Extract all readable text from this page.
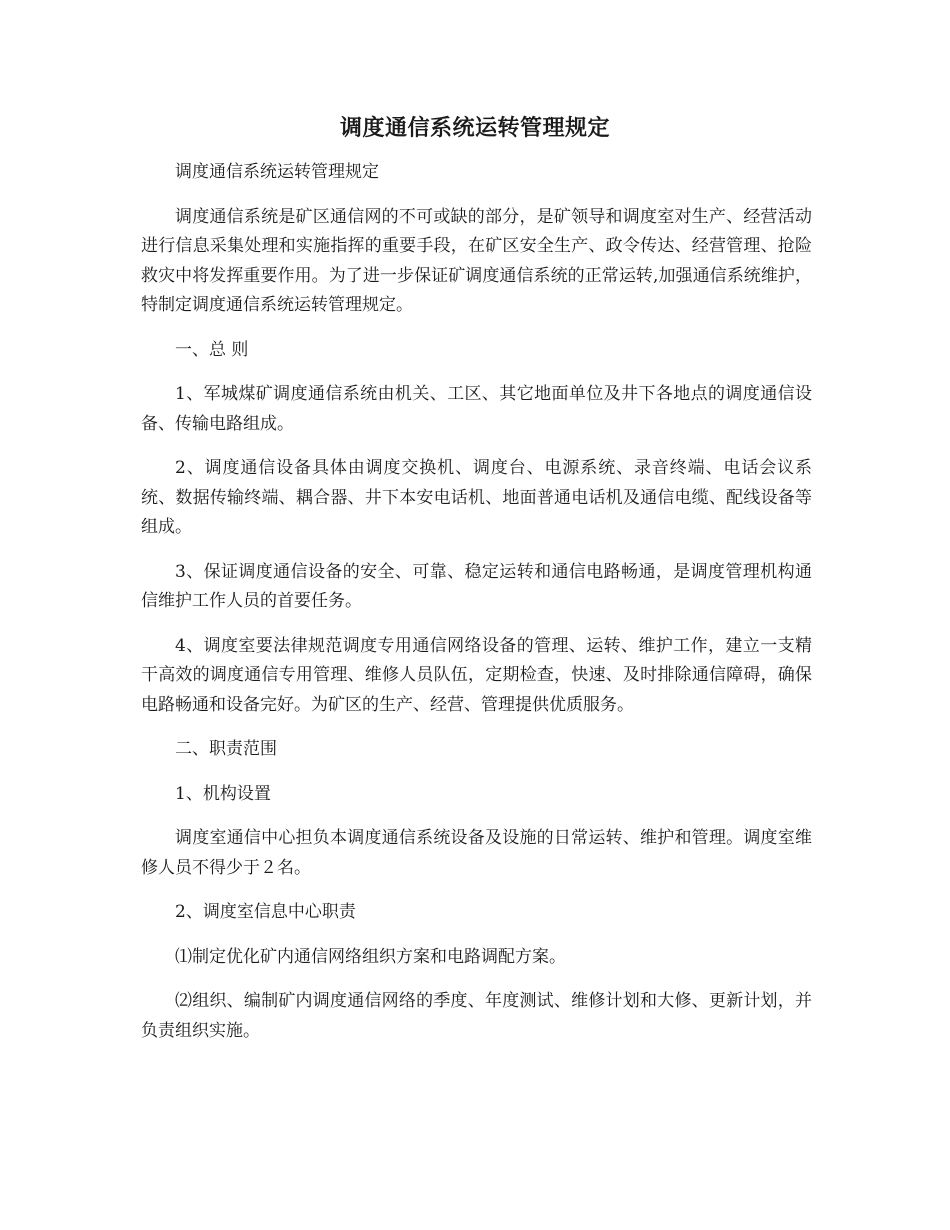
调度通信系统运转管理规定

调度通信系统运转管理规定

调度通信系统是矿区通信网的不可或缺的部分，是矿领导和调度室对生产、经营活动进行信息采集处理和实施指挥的重要手段，在矿区安全生产、政令传达、经营管理、抢险救灾中将发挥重要作用。为了进一步保证矿调度通信系统的正常运转,加强通信系统维护，特制定调度通信系统运转管理规定。

一、总 则

1、军城煤矿调度通信系统由机关、工区、其它地面单位及井下各地点的调度通信设备、传输电路组成。

2、调度通信设备具体由调度交换机、调度台、电源系统、录音终端、电话会议系统、数据传输终端、耦合器、井下本安电话机、地面普通电话机及通信电缆、配线设备等组成。

3、保证调度通信设备的安全、可靠、稳定运转和通信电路畅通，是调度管理机构通信维护工作人员的首要任务。

4、调度室要法律规范调度专用通信网络设备的管理、运转、维护工作，建立一支精干高效的调度通信专用管理、维修人员队伍，定期检查，快速、及时排除通信障碍，确保电路畅通和设备完好。为矿区的生产、经营、管理提供优质服务。

二、职责范围

1、机构设置

调度室通信中心担负本调度通信系统设备及设施的日常运转、维护和管理。调度室维修人员不得少于２名。

2、调度室信息中心职责

⑴制定优化矿内通信网络组织方案和电路调配方案。

⑵组织、编制矿内调度通信网络的季度、年度测试、维修计划和大修、更新计划，并负责组织实施。
